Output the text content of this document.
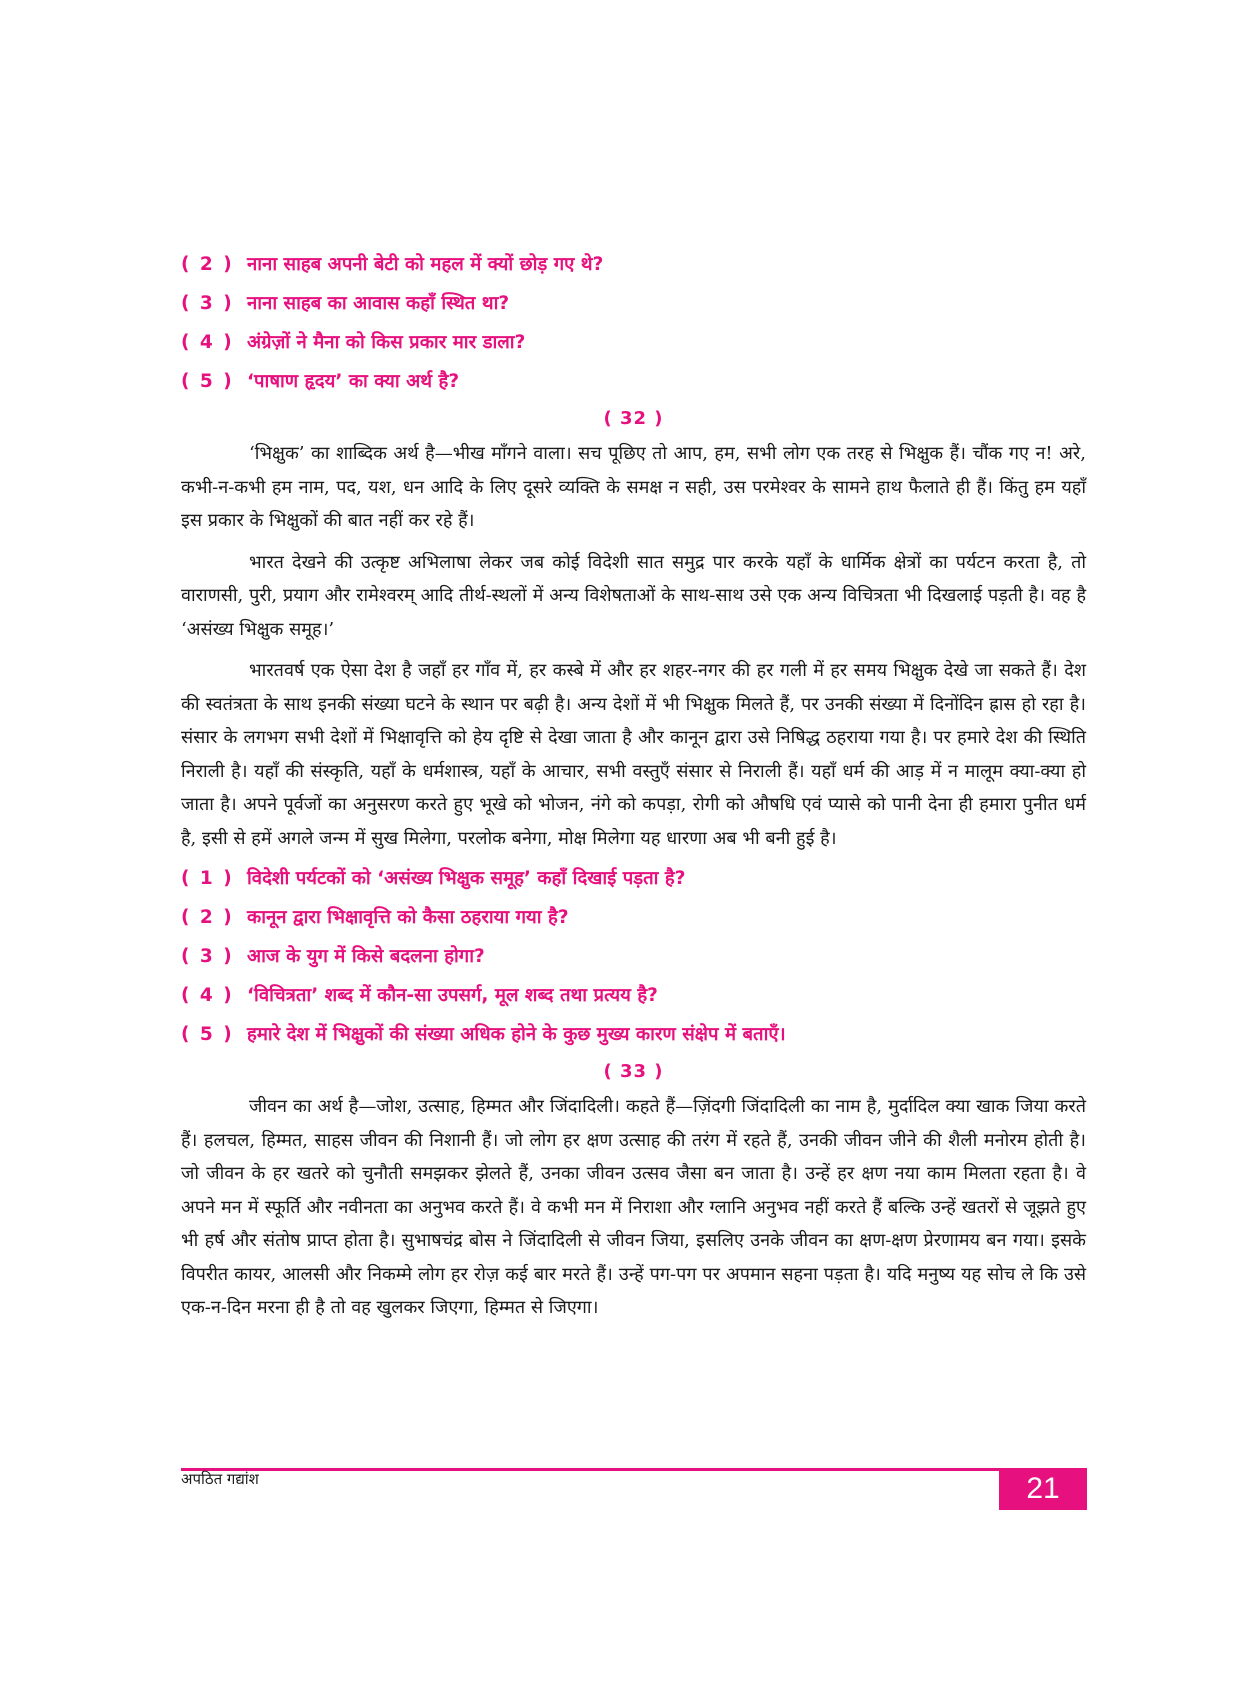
( 2 ) नाना साहब अपनी बेटी को महल में क्यों छोड़ गए थे?
( 3 ) नाना साहब का आवास कहाँ स्थित था?
( 4 ) अंग्रेज़ों ने मैना को किस प्रकार मार डाला?
( 5 ) ‘पाषाण हृदय’ का क्या अर्थ है?
( 32 )

‘भिक्षुक’ का शाब्दिक अर्थ है—भीख माँगने वाला। सच पूछिए तो आप, हम, सभी लोग एक तरह से भिक्षुक हैं। चौंक गए न! अरे, कभी-न-कभी हम नाम, पद, यश, धन आदि के लिए दूसरे व्यक्ति के समक्ष न सही, उस परमेश्वर के सामने हाथ फैलाते ही हैं। किंतु हम यहाँ इस प्रकार के भिक्षुकों की बात नहीं कर रहे हैं।

भारत देखने की उत्कृष्ट अभिलाषा लेकर जब कोई विदेशी सात समुद्र पार करके यहाँ के धार्मिक क्षेत्रों का पर्यटन करता है, तो वाराणसी, पुरी, प्रयाग और रामेश्वरम् आदि तीर्थ-स्थलों में अन्य विशेषताओं के साथ-साथ उसे एक अन्य विचित्रता भी दिखलाई पड़ती है। वह है ‘असंख्य भिक्षुक समूह।’

भारतवर्ष एक ऐसा देश है जहाँ हर गाँव में, हर कस्बे में और हर शहर-नगर की हर गली में हर समय भिक्षुक देखे जा सकते हैं। देश की स्वतंत्रता के साथ इनकी संख्या घटने के स्थान पर बढ़ी है। अन्य देशों में भी भिक्षुक मिलते हैं, पर उनकी संख्या में दिनोंदिन ह्रास हो रहा है। संसार के लगभग सभी देशों में भिक्षावृत्ति को हेय दृष्टि से देखा जाता है और कानून द्वारा उसे निषिद्ध ठहराया गया है। पर हमारे देश की स्थिति निराली है। यहाँ की संस्कृति, यहाँ के धर्मशास्त्र, यहाँ के आचार, सभी वस्तुएँ संसार से निराली हैं। यहाँ धर्म की आड़ में न मालूम क्या-क्या हो जाता है। अपने पूर्वजों का अनुसरण करते हुए भूखे को भोजन, नंगे को कपड़ा, रोगी को औषधि एवं प्यासे को पानी देना ही हमारा पुनीत धर्म है, इसी से हमें अगले जन्म में सुख मिलेगा, परलोक बनेगा, मोक्ष मिलेगा यह धारणा अब भी बनी हुई है।

( 1 ) विदेशी पर्यटकों को ‘असंख्य भिक्षुक समूह’ कहाँ दिखाई पड़ता है?
( 2 ) कानून द्वारा भिक्षावृत्ति को कैसा ठहराया गया है?
( 3 ) आज के युग में किसे बदलना होगा?
( 4 ) ‘विचित्रता’ शब्द में कौन-सा उपसर्ग, मूल शब्द तथा प्रत्यय है?
( 5 ) हमारे देश में भिक्षुकों की संख्या अधिक होने के कुछ मुख्य कारण संक्षेप में बताएँ।
( 33 )

जीवन का अर्थ है—जोश, उत्साह, हिम्मत और जिंदादिली। कहते हैं—ज़िंदगी जिंदादिली का नाम है, मुर्दादिल क्या खाक जिया करते हैं। हलचल, हिम्मत, साहस जीवन की निशानी हैं। जो लोग हर क्षण उत्साह की तरंग में रहते हैं, उनकी जीवन जीने की शैली मनोरम होती है। जो जीवन के हर खतरे को चुनौती समझकर झेलते हैं, उनका जीवन उत्सव जैसा बन जाता है। उन्हें हर क्षण नया काम मिलता रहता है। वे अपने मन में स्फूर्ति और नवीनता का अनुभव करते हैं। वे कभी मन में निराशा और ग्लानि अनुभव नहीं करते हैं बल्कि उन्हें खतरों से जूझते हुए भी हर्ष और संतोष प्राप्त होता है। सुभाषचंद्र बोस ने जिंदादिली से जीवन जिया, इसलिए उनके जीवन का क्षण-क्षण प्रेरणामय बन गया। इसके विपरीत कायर, आलसी और निकम्मे लोग हर रोज़ कई बार मरते हैं। उन्हें पग-पग पर अपमान सहना पड़ता है। यदि मनुष्य यह सोच ले कि उसे एक-न-दिन मरना ही है तो वह खुलकर जिएगा, हिम्मत से जिएगा।

अपठित गद्यांश	21
